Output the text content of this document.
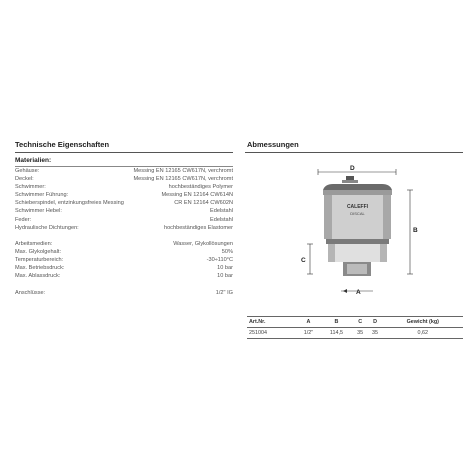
Technische Eigenschaften	Abmessungen
Materialien:
Gehäuse:	Messing EN 12165 CW617N, verchromt
Deckel:	Messing EN 12165 CW617N, verchromt
Schwimmer:	hochbeständiges Polymer
Schwimmer Führung:	Messing EN 12164 CW614N
Schieberspindel, entzinkungsfreies Messing	CR EN 12164 CW602N
Schwimmer Hebel:	Edelstahl
Feder:	Edelstahl
Hydraulische Dichtungen:	hochbeständiges Elastomer
Arbeitsmedien:	Wasser, Glykollösungen
Max. Glykolgehalt:	50%
Temperaturbereich:	-30÷110°C
Max. Betriebsdruck:	10 bar
Max. Ablassdruck:	10 bar
Anschlüsse:	1/2" IG
D
CALEFFI
DISCAL
B
C
A
Art.Nr.	A	B	C	D	Gewicht (kg)
251004	1/2"	114,5	35	35	0,62
